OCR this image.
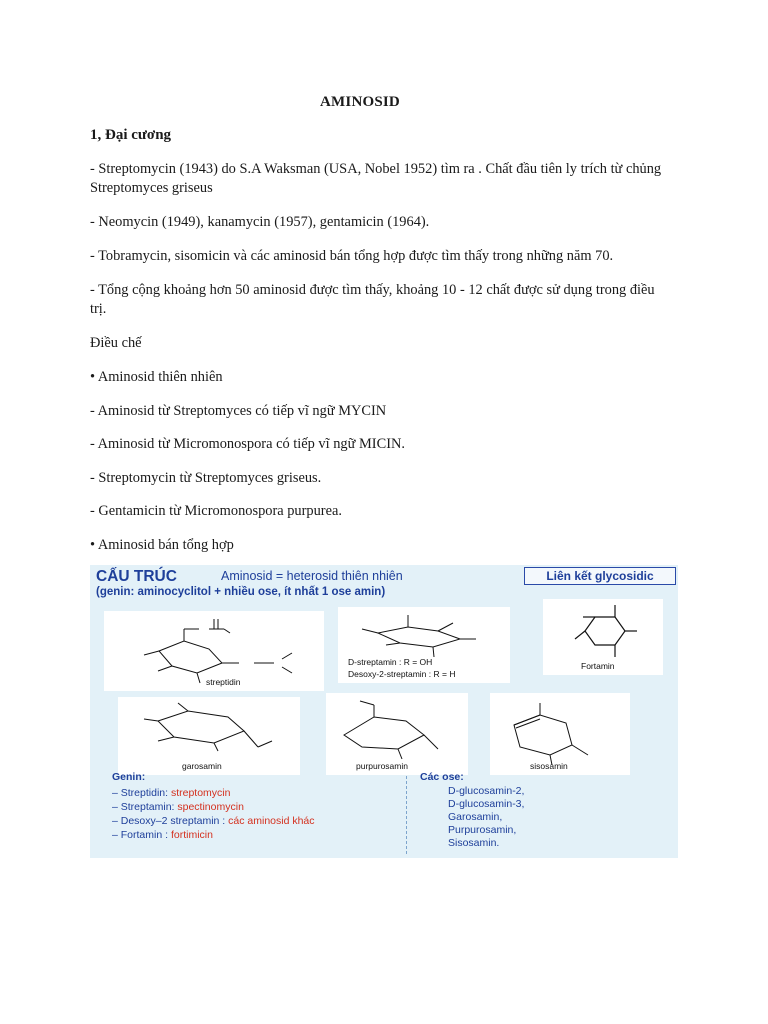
AMINOSID
1, Đại cương
- Streptomycin (1943) do S.A Waksman (USA, Nobel 1952) tìm ra . Chất đầu tiên ly trích từ chủng Streptomyces griseus
- Neomycin (1949), kanamycin (1957), gentamicin (1964).
- Tobramycin, sisomicin và các aminosid bán tổng hợp được tìm thấy trong những năm 70.
- Tổng cộng khoảng hơn 50 aminosid được tìm thấy, khoảng 10 - 12 chất được sử dụng trong điều trị.
Điều chế
• Aminosid thiên nhiên
- Aminosid từ Streptomyces có tiếp vĩ ngữ MYCIN
- Aminosid từ Micromonospora có tiếp vĩ ngữ MICIN.
- Streptomycin từ Streptomyces griseus.
- Gentamicin từ Micromonospora purpurea.
• Aminosid bán tổng hợp
CẤU TRÚC	Aminosid = heterosid thiên nhiên
(genin: aminocyclitol + nhiều ose, ít nhất 1 ose amin)
Liên kết glycosidic
streptidin
D-streptamin : R = OH
Desoxy-2-streptamin : R = H
Fortamin
garosamin	purpurosamin	sisosamin
Genin:
– Streptidin: streptomycin
– Streptamin: spectinomycin
– Desoxy–2 streptamin : các aminosid khác
– Fortamin : fortimicin
Các ose:
D-glucosamin-2,
D-glucosamin-3,
Garosamin,
Purpurosamin,
Sisosamin.
